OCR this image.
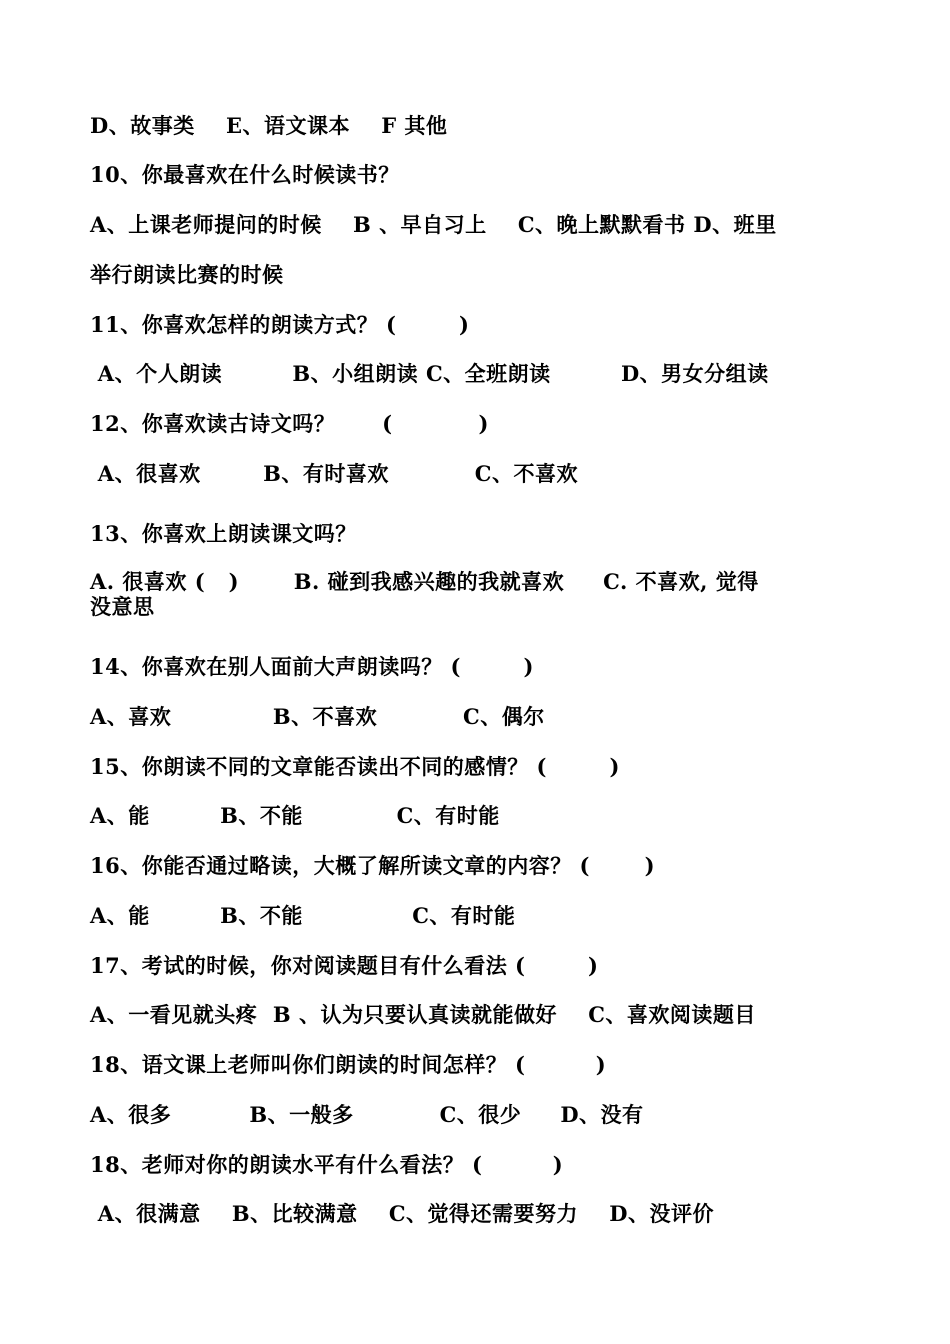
D、故事类    E、语文课本    F 其他
10、你最喜欢在什么时候读书？
A、上课老师提问的时候    B 、早自习上    C、晚上默默看书 D、班里
举行朗读比赛的时候
11、你喜欢怎样的朗读方式？ (        )
A、个人朗读         B、小组朗读 C、全班朗读         D、男女分组读
12、你喜欢读古诗文吗？      (           )
A、很喜欢        B、有时喜欢           C、不喜欢
13、你喜欢上朗读课文吗？
A. 很喜欢 (   )       B. 碰到我感兴趣的我就喜欢     C. 不喜欢, 觉得
没意思
14、你喜欢在别人面前大声朗读吗？ (        )
A、喜欢             B、不喜欢           C、偶尔
15、你朗读不同的文章能否读出不同的感情？ (        )
A、能         B、不能            C、有时能
16、你能否通过略读，大概了解所读文章的内容？ (       )
A、能         B、不能              C、有时能
17、考试的时候，你对阅读题目有什么看法 (        )
A、一看见就头疼  B 、认为只要认真读就能做好    C、喜欢阅读题目
18、语文课上老师叫你们朗读的时间怎样？ (         )
A、很多          B、一般多           C、很少     D、没有
18、老师对你的朗读水平有什么看法？ (         )
A、很满意    B、比较满意    C、觉得还需要努力    D、没评价
